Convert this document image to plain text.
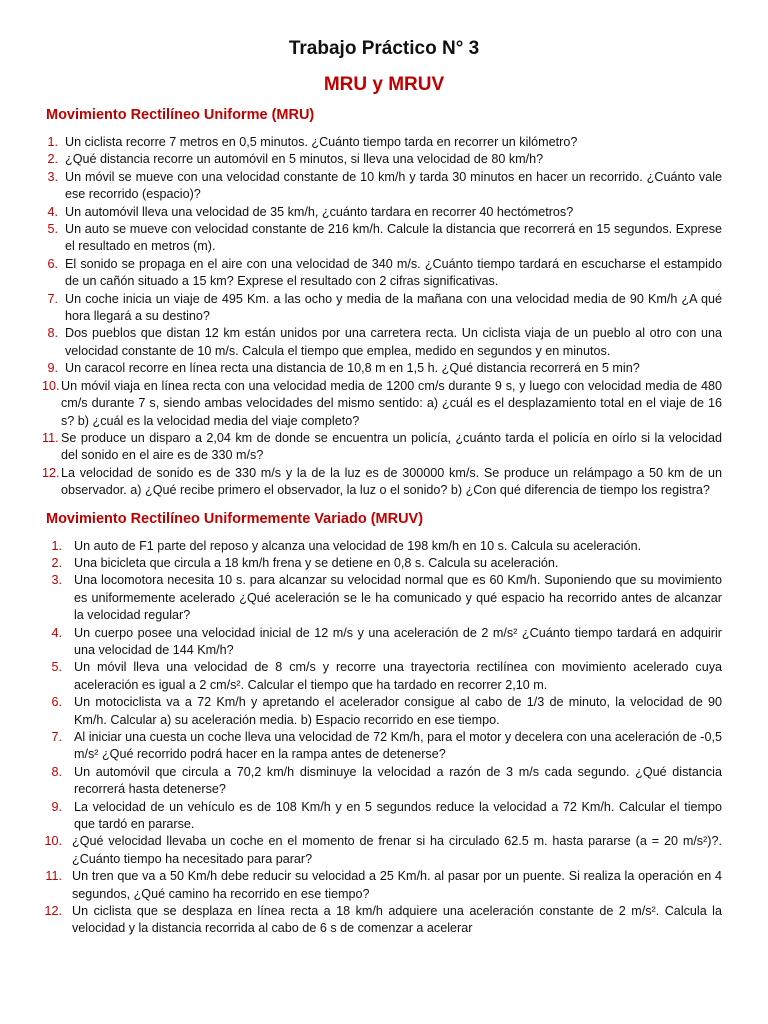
Trabajo Práctico N° 3
MRU y MRUV
Movimiento Rectilíneo Uniforme (MRU)
1. Un ciclista recorre 7 metros en 0,5 minutos. ¿Cuánto tiempo tarda en recorrer un kilómetro?
2. ¿Qué distancia recorre un automóvil en 5 minutos, si lleva una velocidad de 80 km/h?
3. Un móvil se mueve con una velocidad constante de 10 km/h y tarda 30 minutos en hacer un recorrido. ¿Cuánto vale ese recorrido (espacio)?
4. Un automóvil lleva una velocidad de 35 km/h, ¿cuánto tardara en recorrer 40 hectómetros?
5. Un auto se mueve con velocidad constante de 216 km/h. Calcule la distancia que recorrerá en 15 segundos. Exprese el resultado en metros (m).
6. El sonido se propaga en el aire con una velocidad de 340 m/s. ¿Cuánto tiempo tardará en escucharse el estampido de un cañón situado a 15 km? Exprese el resultado con 2 cifras significativas.
7. Un coche inicia un viaje de 495 Km. a las ocho y media de la mañana con una velocidad media de 90 Km/h ¿A qué hora llegará a su destino?
8. Dos pueblos que distan 12 km están unidos por una carretera recta. Un ciclista viaja de un pueblo al otro con una velocidad constante de 10 m/s. Calcula el tiempo que emplea, medido en segundos y en minutos.
9. Un caracol recorre en línea recta una distancia de 10,8 m en 1,5 h. ¿Qué distancia recorrerá en 5 min?
10. Un móvil viaja en línea recta con una velocidad media de 1200 cm/s durante 9 s, y luego con velocidad media de 480 cm/s durante 7 s, siendo ambas velocidades del mismo sentido: a) ¿cuál es el desplazamiento total en el viaje de 16 s? b) ¿cuál es la velocidad media del viaje completo?
11. Se produce un disparo a 2,04 km de donde se encuentra un policía, ¿cuánto tarda el policía en oírlo si la velocidad del sonido en el aire es de 330 m/s?
12. La velocidad de sonido es de 330 m/s y la de la luz es de 300000 km/s. Se produce un relámpago a 50 km de un observador. a) ¿Qué recibe primero el observador, la luz o el sonido? b) ¿Con qué diferencia de tiempo los registra?
Movimiento Rectilíneo Uniformemente Variado (MRUV)
1. Un auto de F1 parte del reposo y alcanza una velocidad de 198 km/h en 10 s. Calcula su aceleración.
2. Una bicicleta que circula a 18 km/h frena y se detiene en 0,8 s. Calcula su aceleración.
3. Una locomotora necesita 10 s. para alcanzar su velocidad normal que es 60 Km/h. Suponiendo que su movimiento es uniformemente acelerado ¿Qué aceleración se le ha comunicado y qué espacio ha recorrido antes de alcanzar la velocidad regular?
4. Un cuerpo posee una velocidad inicial de 12 m/s y una aceleración de 2 m/s² ¿Cuánto tiempo tardará en adquirir una velocidad de 144 Km/h?
5. Un móvil lleva una velocidad de 8 cm/s y recorre una trayectoria rectilínea con movimiento acelerado cuya aceleración es igual a 2 cm/s². Calcular el tiempo que ha tardado en recorrer 2,10 m.
6. Un motociclista va a 72 Km/h y apretando el acelerador consigue al cabo de 1/3 de minuto, la velocidad de 90 Km/h. Calcular a) su aceleración media. b) Espacio recorrido en ese tiempo.
7. Al iniciar una cuesta un coche lleva una velocidad de 72 Km/h, para el motor y decelera con una aceleración de -0,5 m/s² ¿Qué recorrido podrá hacer en la rampa antes de detenerse?
8. Un automóvil que circula a 70,2 km/h disminuye la velocidad a razón de 3 m/s cada segundo. ¿Qué distancia recorrerá hasta detenerse?
9. La velocidad de un vehículo es de 108 Km/h y en 5 segundos reduce la velocidad a 72 Km/h. Calcular el tiempo que tardó en pararse.
10. ¿Qué velocidad llevaba un coche en el momento de frenar si ha circulado 62.5 m. hasta pararse (a = 20 m/s²)?. ¿Cuánto tiempo ha necesitado para parar?
11. Un tren que va a 50 Km/h debe reducir su velocidad a 25 Km/h. al pasar por un puente. Si realiza la operación en 4 segundos, ¿Qué camino ha recorrido en ese tiempo?
12. Un ciclista que se desplaza en línea recta a 18 km/h adquiere una aceleración constante de 2 m/s². Calcula la velocidad y la distancia recorrida al cabo de 6 s de comenzar a acelerar
